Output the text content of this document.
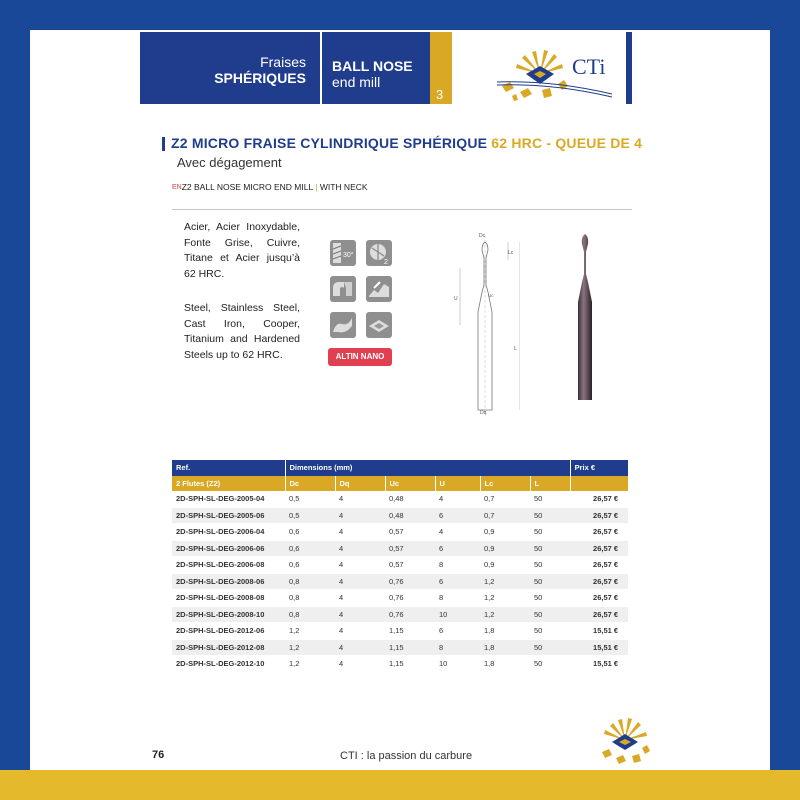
Fraises
SPHÉRIQUES
BALL NOSE
end mill
3
CTi
Z2 MICRO FRAISE CYLINDRIQUE SPHÉRIQUE 62 HRC - QUEUE DE 4
Avec dégagement
ENZ2 BALL NOSE MICRO END MILL | WITH NECK
Acier, Acier Inoxydable, Fonte Grise, Cuivre, Titane et Acier jusqu’à 62 HRC.
Steel, Stainless Steel, Cast Iron, Cooper, Titanium and Hardened Steels up to 62 HRC.
30°
2
ALTIN NANO
Dc
Lc
U
L
Uc
Dq
Ref.	Dimensions (mm)						Prix €
2 Flutes (Z2)	Dc	Dq	Uc	U	Lc	L	
2D-SPH-SL-DEG-2005-04	0,5	4	0,48	4	0,7	50	26,57 €
2D-SPH-SL-DEG-2005-06	0,5	4	0,48	6	0,7	50	26,57 €
2D-SPH-SL-DEG-2006-04	0,6	4	0,57	4	0,9	50	26,57 €
2D-SPH-SL-DEG-2006-06	0,6	4	0,57	6	0,9	50	26,57 €
2D-SPH-SL-DEG-2006-08	0,6	4	0,57	8	0,9	50	26,57 €
2D-SPH-SL-DEG-2008-06	0,8	4	0,76	6	1,2	50	26,57 €
2D-SPH-SL-DEG-2008-08	0,8	4	0,76	8	1,2	50	26,57 €
2D-SPH-SL-DEG-2008-10	0,8	4	0,76	10	1,2	50	26,57 €
2D-SPH-SL-DEG-2012-06	1,2	4	1,15	6	1,8	50	15,51 €
2D-SPH-SL-DEG-2012-08	1,2	4	1,15	8	1,8	50	15,51 €
2D-SPH-SL-DEG-2012-10	1,2	4	1,15	10	1,8	50	15,51 €
76	CTI : la passion du carbure
